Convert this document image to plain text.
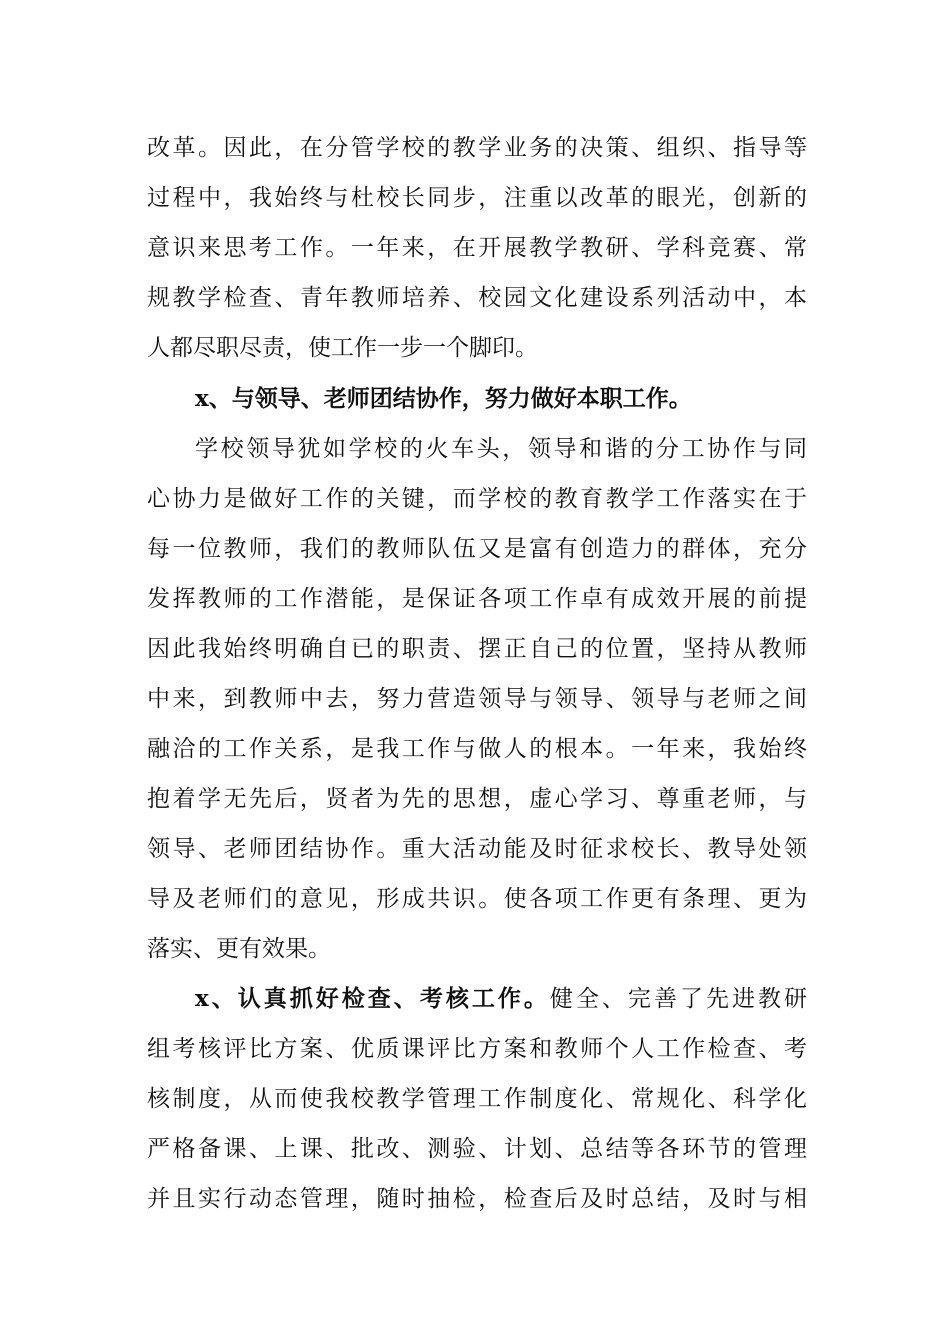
改革。因此，在分管学校的教学业务的决策、组织、指导等
过程中，我始终与杜校长同步，注重以改革的眼光，创新的
意识来思考工作。一年来，在开展教学教研、学科竞赛、常
规教学检查、青年教师培养、校园文化建设系列活动中，本
人都尽职尽责，使工作一步一个脚印。
x、与领导、老师团结协作，努力做好本职工作。
学校领导犹如学校的火车头，领导和谐的分工协作与同
心协力是做好工作的关键，而学校的教育教学工作落实在于
每一位教师，我们的教师队伍又是富有创造力的群体，充分
发挥教师的工作潜能，是保证各项工作卓有成效开展的前提
因此我始终明确自已的职责、摆正自己的位置，坚持从教师
中来，到教师中去，努力营造领导与领导、领导与老师之间
融洽的工作关系，是我工作与做人的根本。一年来，我始终
抱着学无先后，贤者为先的思想，虚心学习、尊重老师，与
领导、老师团结协作。重大活动能及时征求校长、教导处领
导及老师们的意见，形成共识。使各项工作更有条理、更为
落实、更有效果。
x、认真抓好检查、考核工作。健全、完善了先进教研
组考核评比方案、优质课评比方案和教师个人工作检查、考
核制度，从而使我校教学管理工作制度化、常规化、科学化
严格备课、上课、批改、测验、计划、总结等各环节的管理
并且实行动态管理，随时抽检，检查后及时总结，及时与相
